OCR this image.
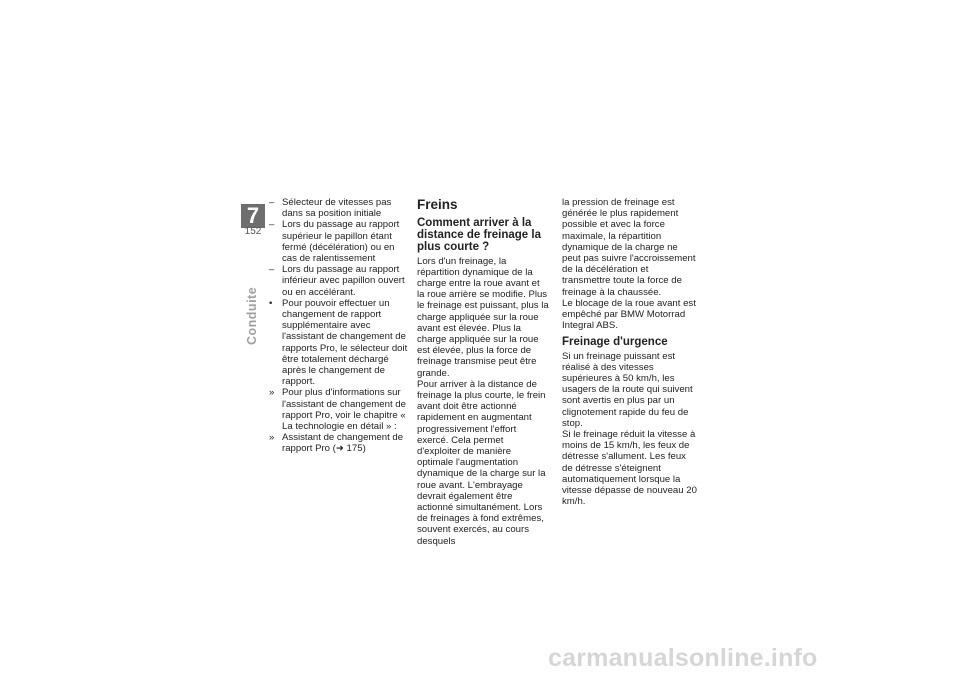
7
152
Conduite
– Sélecteur de vitesses pas dans sa position initiale
– Lors du passage au rapport supérieur le papillon étant fermé (décélération) ou en cas de ralentissement
– Lors du passage au rapport inférieur avec papillon ouvert ou en accélérant.
•	Pour pouvoir effectuer un changement de rapport supplémentaire avec l'assistant de changement de rapports Pro, le sélecteur doit être totalement déchargé après le changement de rapport.
» Pour plus d'informations sur l'assistant de changement de rapport Pro, voir le chapitre « La technologie en détail » :
» Assistant de changement de rapport Pro (➜ 175)
Freins
Comment arriver à la distance de freinage la plus courte ?

Lors d'un freinage, la répartition dynamique de la charge entre la roue avant et la roue arrière se modifie. Plus le freinage est puissant, plus la charge appliquée sur la roue avant est élevée. Plus la charge appliquée sur la roue est élevée, plus la force de freinage transmise peut être grande.

Pour arriver à la distance de freinage la plus courte, le frein avant doit être actionné rapidement en augmentant progressivement l'effort exercé. Cela permet d'exploiter de manière optimale l'augmentation dynamique de la charge sur la roue avant. L'embrayage devrait également être actionné simultanément. Lors de freinages à fond extrêmes, souvent exercés, au cours desquels

la pression de freinage est générée le plus rapidement possible et avec la force maximale, la répartition dynamique de la charge ne peut pas suivre l'accroissement de la décélération et transmettre toute la force de freinage à la chaussée.

Le blocage de la roue avant est empêché par BMW Motorrad Integral ABS.

Freinage d'urgence

Si un freinage puissant est réalisé à des vitesses supérieures à 50 km/h, les usagers de la route qui suivent sont avertis en plus par un clignotement rapide du feu de stop.

Si le freinage réduit la vitesse à moins de 15 km/h, les feux de détresse s'allument. Les feux de détresse s'éteignent automatiquement lorsque la vitesse dépasse de nouveau 20 km/h.

carmanualsonline.info
